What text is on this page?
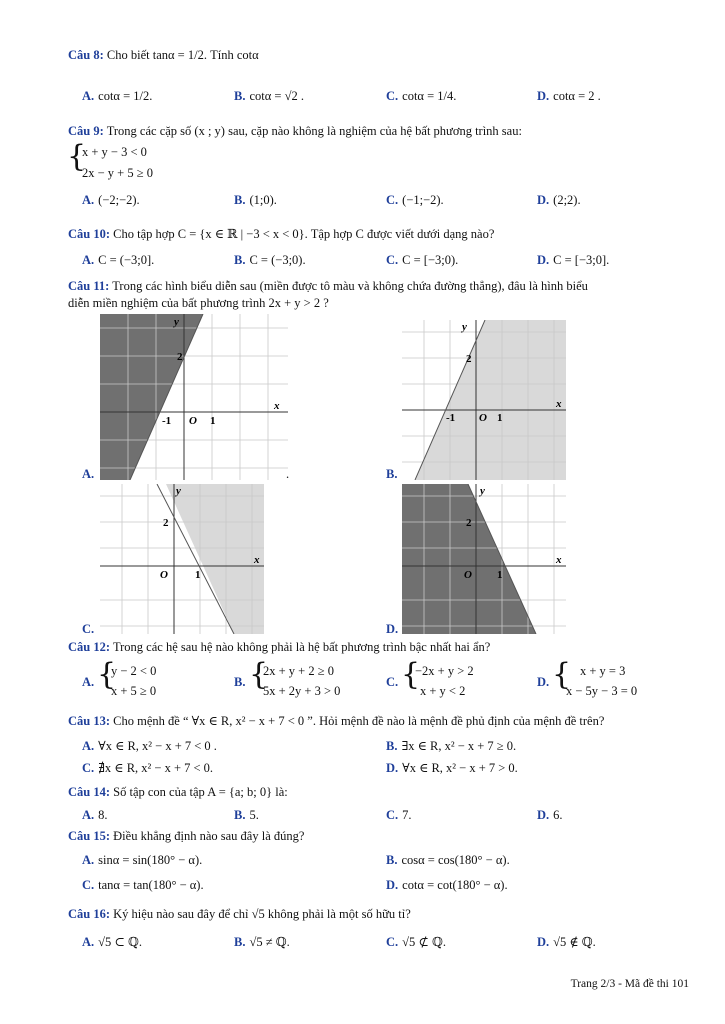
Câu 8: Cho biết tanα = 1/2. Tính cotα
A. cotα = 1/2.	B. cotα = √2 .	C. cotα = 1/4.	D. cotα = 2 .
Câu 9: Trong các cặp số (x ; y) sau, cặp nào không là nghiệm của hệ bất phương trình sau:
{
x + y − 3 < 0
2x − y + 5 ≥ 0
A. (−2;−2).	B. (1;0).	C. (−1;−2).	D. (2;2).
Câu 10: Cho tập hợp C = {x ∈ ℝ | −3 < x < 0}. Tập hợp C được viết dưới dạng nào?
A. C = (−3;0].	B. C = (−3;0).	C. C = [−3;0).	D. C = [−3;0].
Câu 11: Trong các hình biểu diễn sau (miền được tô màu và không chứa đường thẳng), đâu là hình biểu
diễn miền nghiệm của bất phương trình 2x + y > 2 ?
x
y
O 1
-1
2
A.	.
x
y
O 1
-1
2
B.
x
y
O 1
2
C.
x
y
O 1
2
D.
Câu 12: Trong các hệ sau hệ nào không phải là hệ bất phương trình bậc nhất hai ẩn?
A. {
y − 2 < 0
x + 5 ≥ 0
B. {
2x + y + 2 ≥ 0
5x + 2y + 3 > 0
C. {
−2x + y > 2
x + y < 2
D. { x + y = 3
x − 5y − 3 = 0
Câu 13: Cho mệnh đề “ ∀x ∈ R, x² − x + 7 < 0 ”. Hỏi mệnh đề nào là mệnh đề phủ định của mệnh đề trên?
A. ∀x ∈ R, x² − x + 7 < 0 .	B. ∃x ∈ R, x² − x + 7 ≥ 0.
C. ∄x ∈ R, x² − x + 7 < 0.	D. ∀x ∈ R, x² − x + 7 > 0.
Câu 14: Số tập con của tập A = {a; b; 0} là:
A. 8.	B. 5.	C. 7.	D. 6.
Câu 15: Điều khẳng định nào sau đây là đúng?
A. sinα = sin(180° − α).	B. cosα = cos(180° − α).
C. tanα = tan(180° − α).	D. cotα = cot(180° − α).
Câu 16: Ký hiệu nào sau đây để chỉ √5 không phải là một số hữu tỉ?
A. √5 ⊂ ℚ.	B. √5 ≠ ℚ.	C. √5 ⊄ ℚ.	D. √5 ∉ ℚ.
Trang 2/3 - Mã đề thi 101
